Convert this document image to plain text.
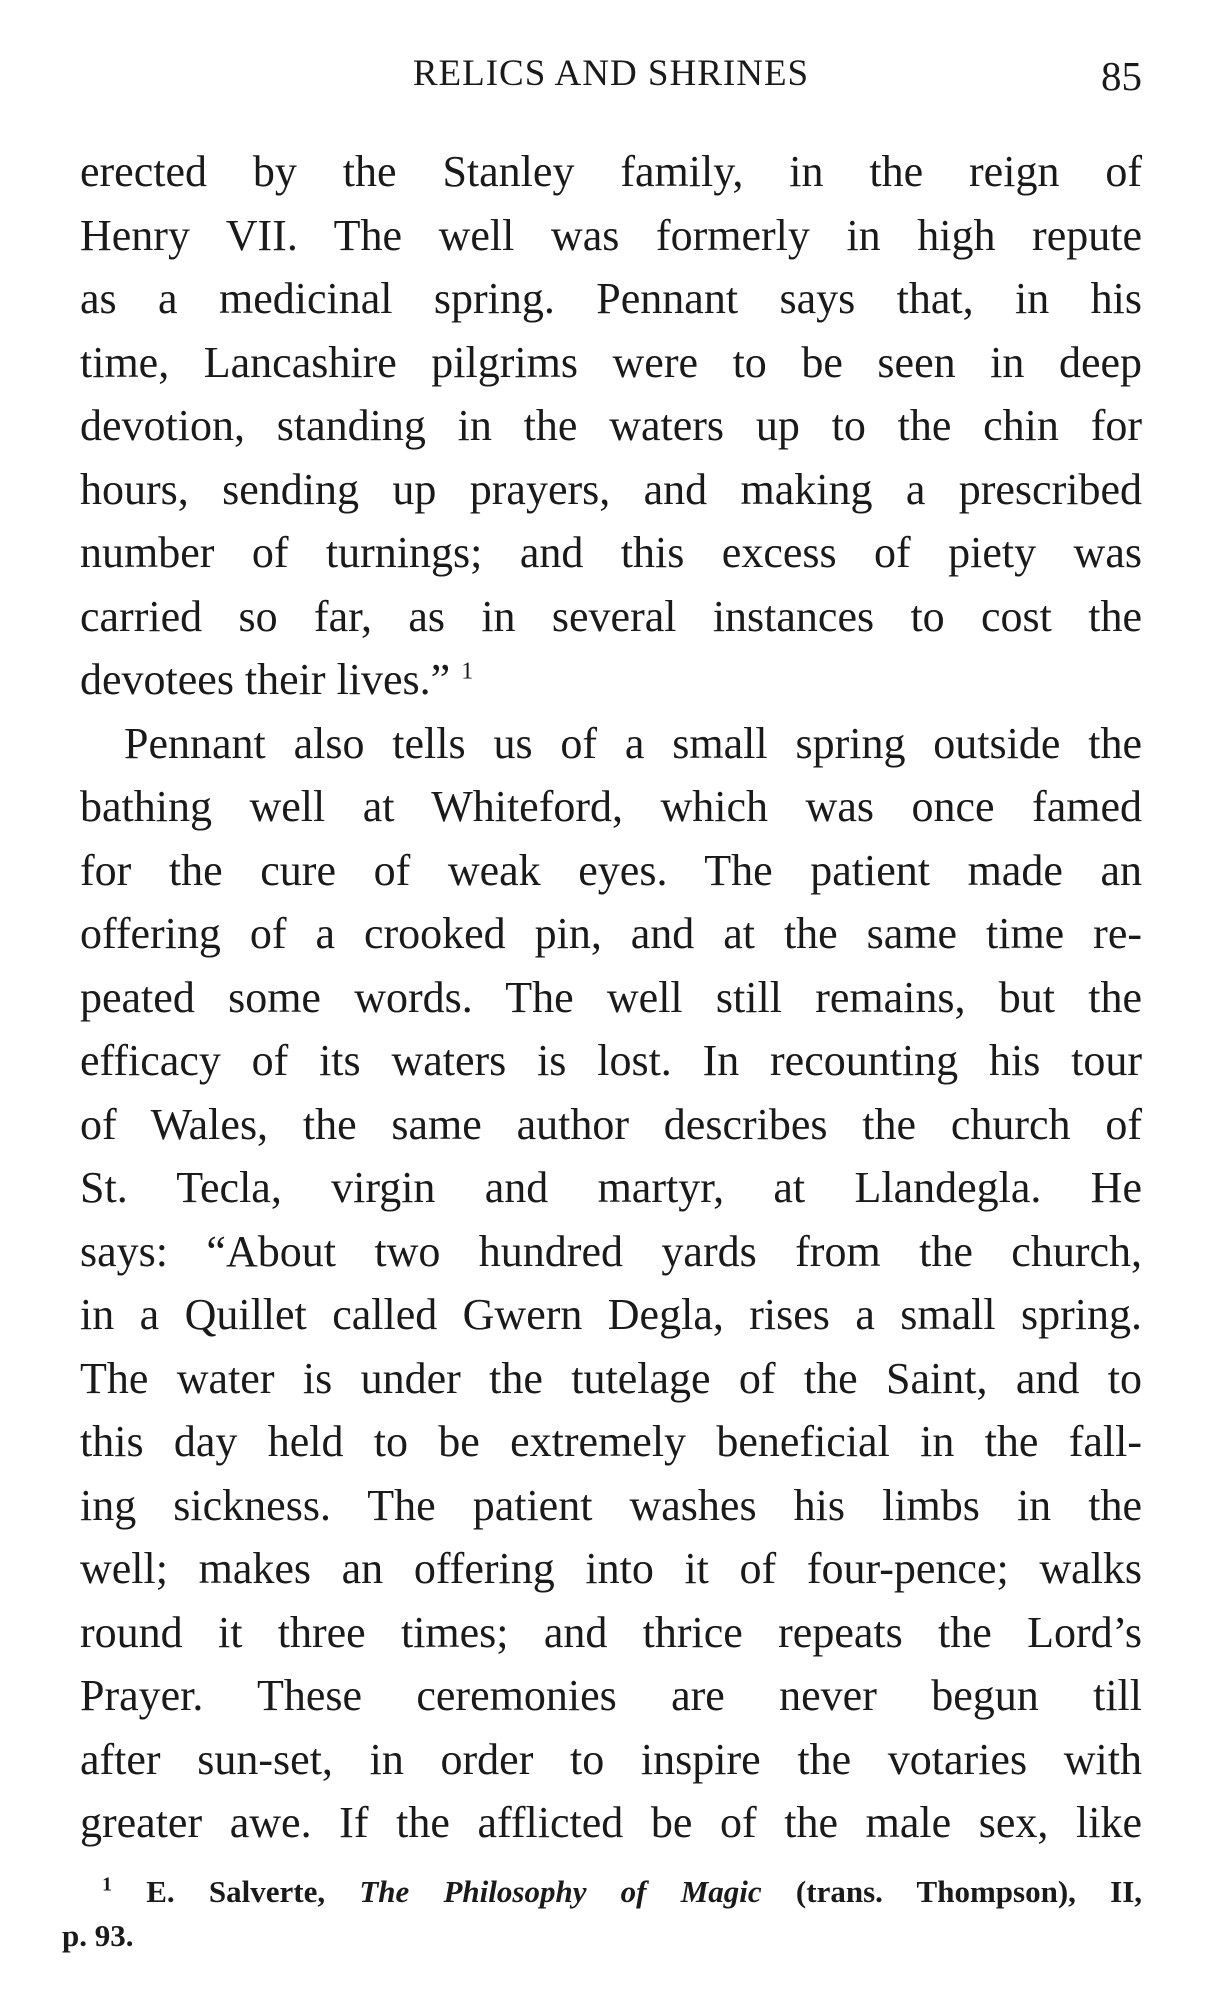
RELICS AND SHRINES	85
erected by the Stanley family, in the reign of
Henry VII. The well was formerly in high repute
as a medicinal spring. Pennant says that, in his
time, Lancashire pilgrims were to be seen in deep
devotion, standing in the waters up to the chin for
hours, sending up prayers, and making a prescribed
number of turnings; and this excess of piety was
carried so far, as in several instances to cost the
devotees their lives.” $^1$
Pennant also tells us of a small spring outside the
bathing well at Whiteford, which was once famed
for the cure of weak eyes. The patient made an
offering of a crooked pin, and at the same time re-
peated some words. The well still remains, but the
efficacy of its waters is lost. In recounting his tour
of Wales, the same author describes the church of
St. Tecla, virgin and martyr, at Llandegla. He
says: “About two hundred yards from the church,
in a Quillet called Gwern Degla, rises a small spring.
The water is under the tutelage of the Saint, and to
this day held to be extremely beneficial in the fall-
ing sickness. The patient washes his limbs in the
well; makes an offering into it of four-pence; walks
round it three times; and thrice repeats the Lord’s
Prayer. These ceremonies are never begun till
after sun-set, in order to inspire the votaries with
greater awe. If the afflicted be of the male sex, like
$^1$ E. Salverte, The Philosophy of Magic (trans. Thompson), II,
p. 93.
